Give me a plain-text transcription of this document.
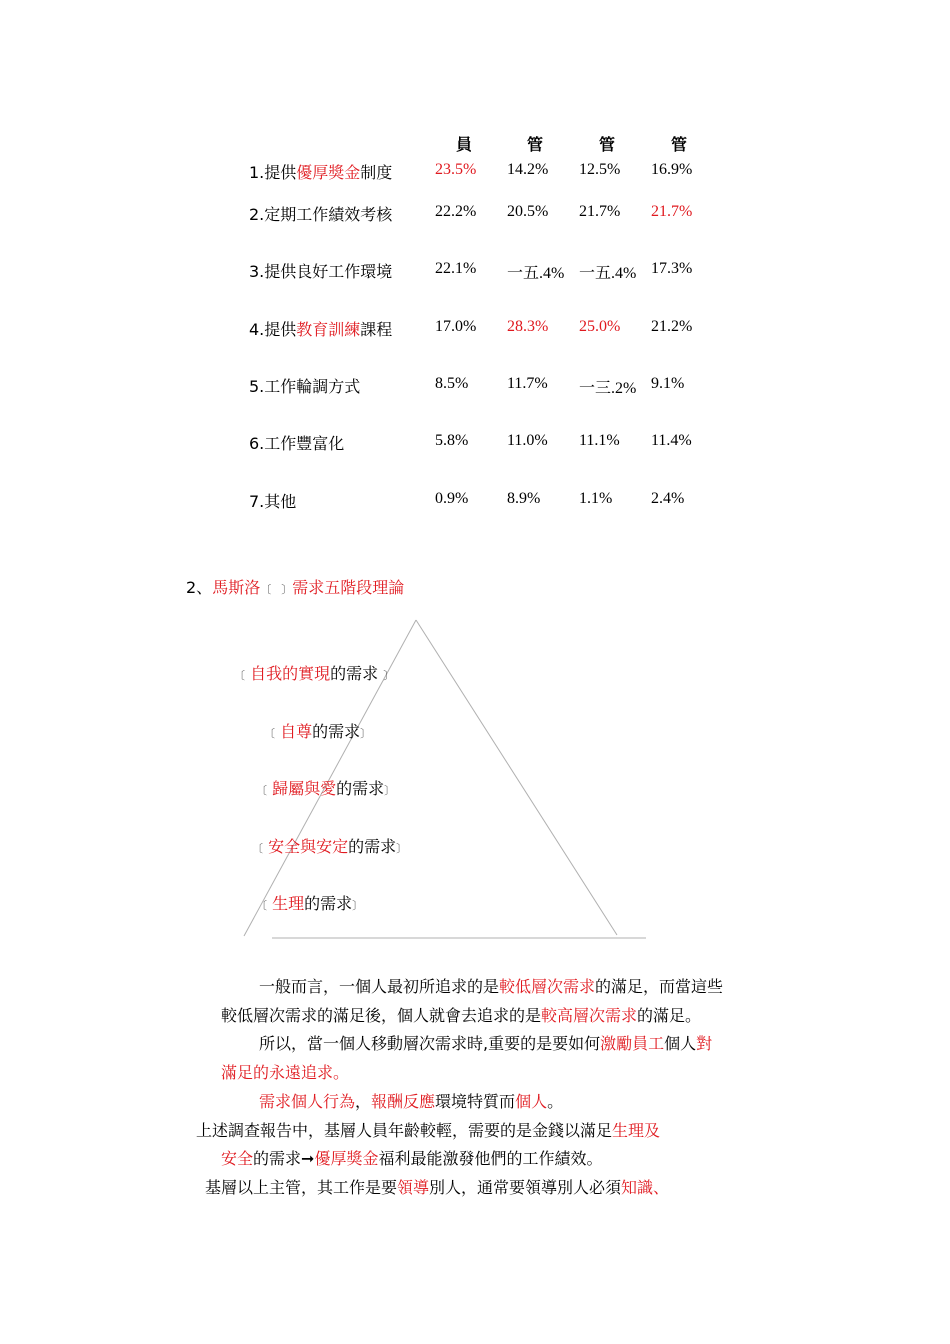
員	管	管	管
1.提供優厚獎金制度	23.5% 14.2% 12.5% 16.9%
2.定期工作績效考核	22.2% 20.5% 21.7% 21.7%
3.提供良好工作環境	22.1% 一五.4% 一五.4% 17.3%
4.提供教育訓練課程	17.0% 28.3% 25.0% 21.2%
5.工作輪調方式	8.5% 11.7% 一三.2% 9.1%
6.工作豐富化	5.8% 11.0% 11.1% 11.4%
7.其他	0.9% 8.9% 1.1% 2.4%
2、馬斯洛〔 〕需求五階段理論
〔 自我的實現的需求 〕
〔 自尊的需求〕
〔 歸屬與愛的需求〕
〔 安全與安定的需求〕
〔 生理的需求〕
一般而言，一個人最初所追求的是較低層次需求的滿足，而當這些
較低層次需求的滿足後，個人就會去追求的是較高層次需求的滿足。
所以，當一個人移動層次需求時,重要的是要如何激勵員工個人對
滿足的永遠追求。
需求個人行為，報酬反應環境特質而個人。
上述調查報告中，基層人員年齡較輕，需要的是金錢以滿足生理及
安全的需求➞優厚獎金福利最能激發他們的工作績效。
基層以上主管，其工作是要領導別人，通常要領導別人必須知識、
